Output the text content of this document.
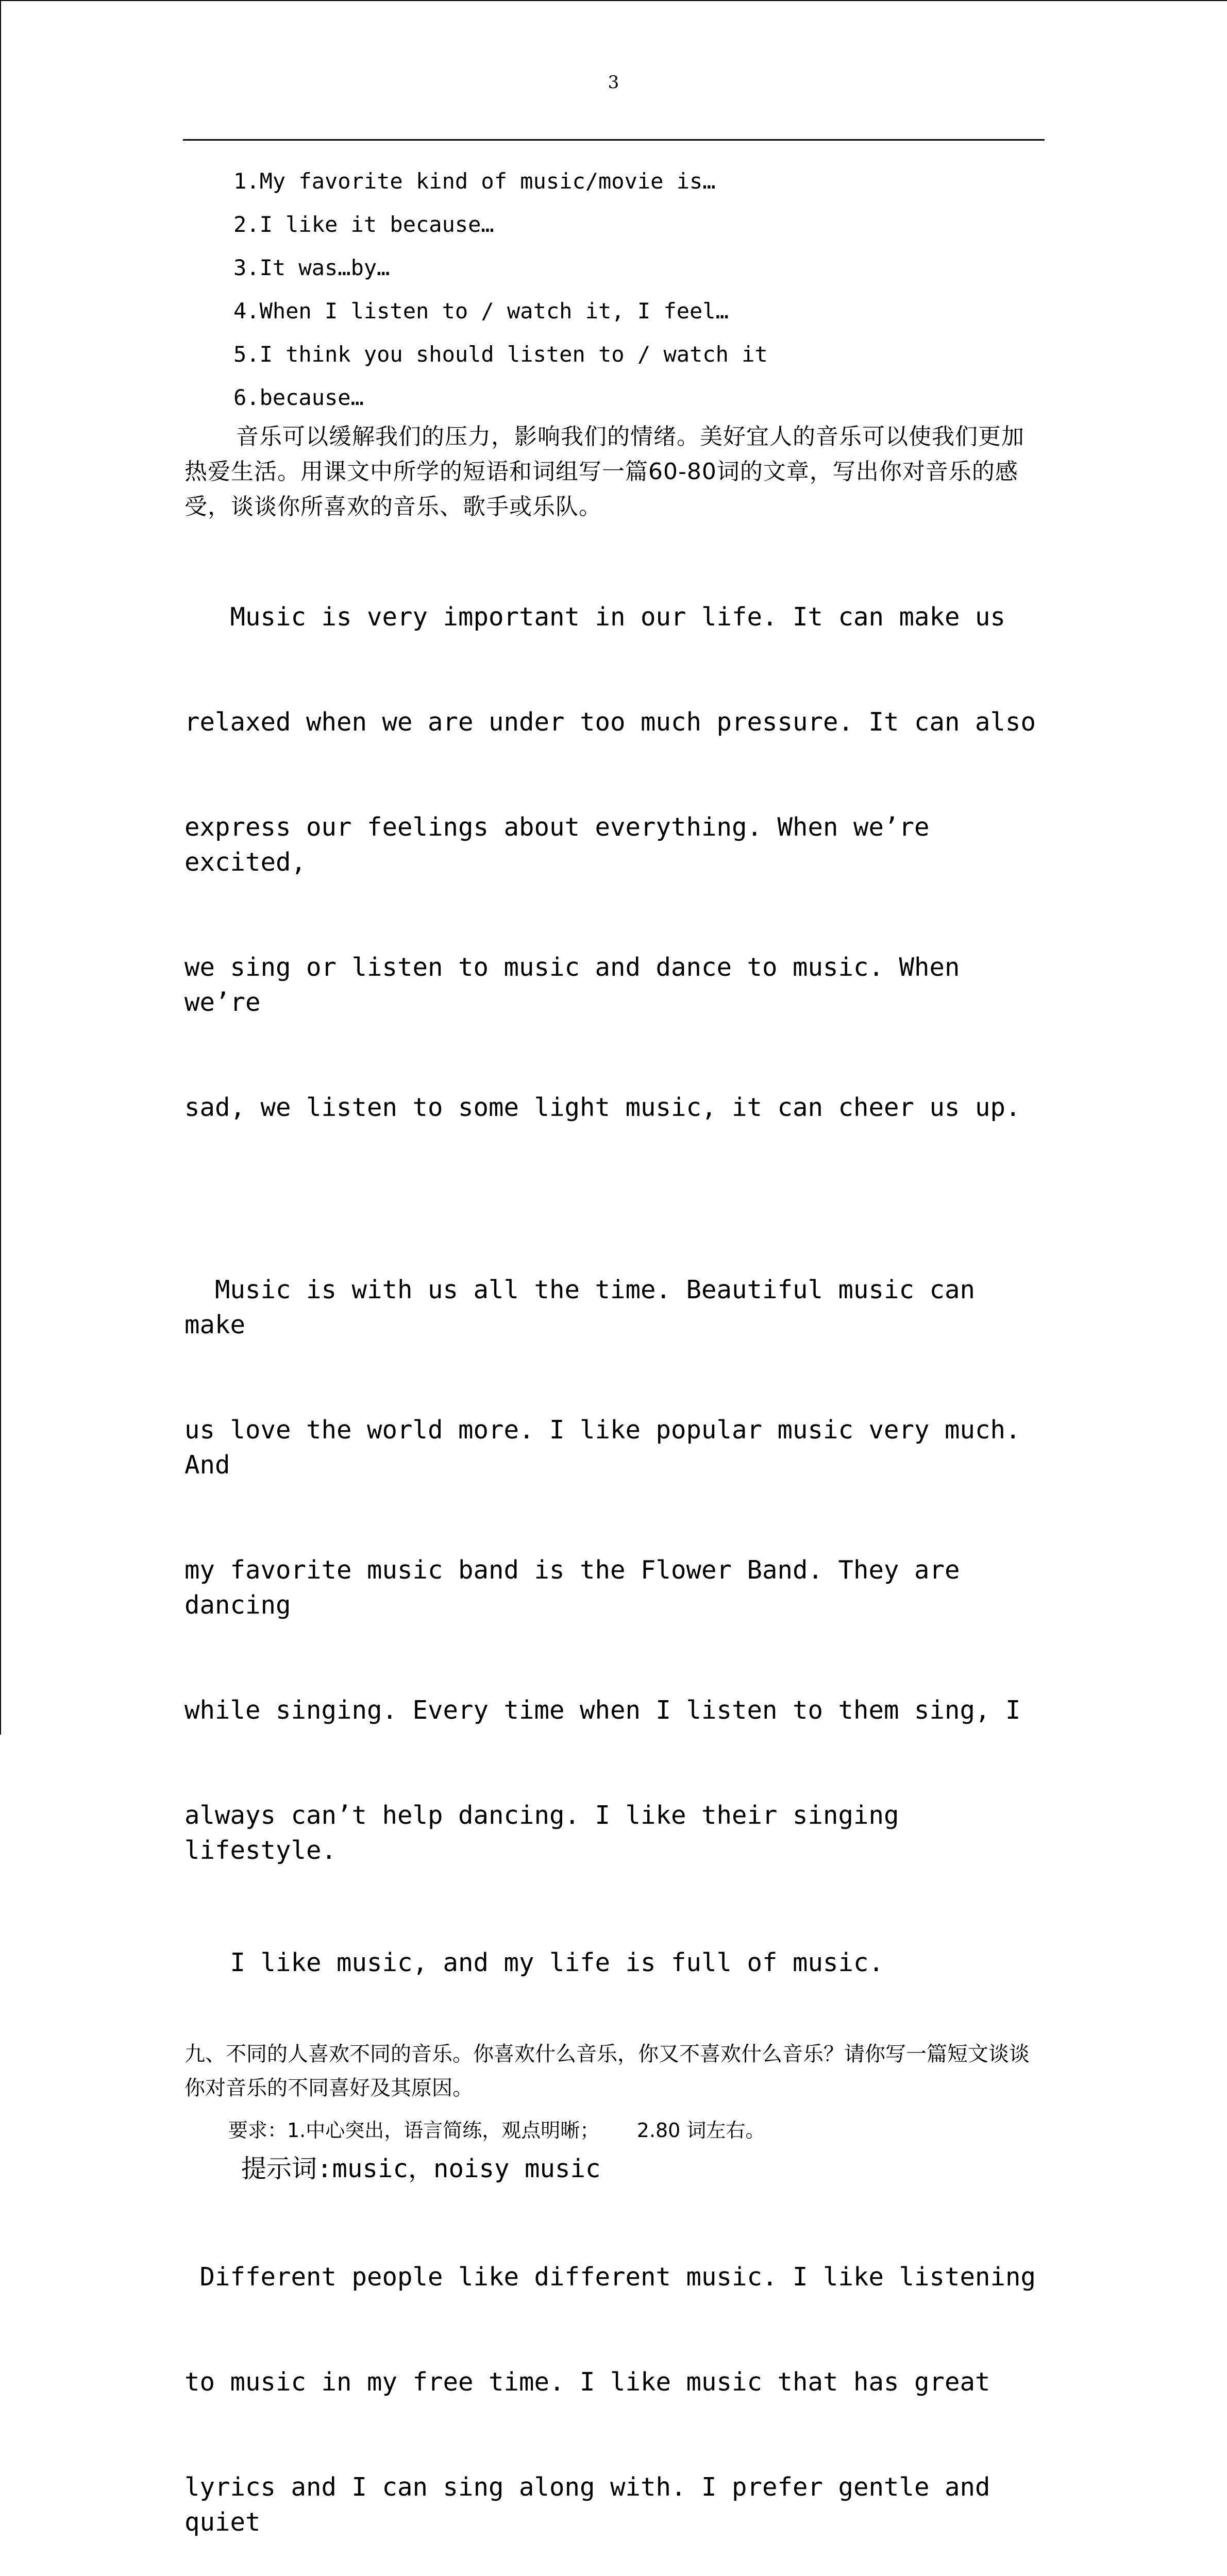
3
1.My favorite kind of music/movie is…
2.I like it because…
3.It was…by…
4.When I listen to / watch it, I feel…
5.I think you should listen to / watch it
6.because…
音乐可以缓解我们的压力，影响我们的情绪。美好宜人的音乐可以使我们更加热爱生活。用课文中所学的短语和词组写一篇60-80词的文章，写出你对音乐的感受，谈谈你所喜欢的音乐、歌手或乐队。

Music is very important in our life. It can make us

relaxed when we are under too much pressure. It can also

express our feelings about everything. When we’re excited,

we sing or listen to music and dance to music. When we’re

sad, we listen to some light music, it can cheer us up.

Music is with us all the time. Beautiful music can make

us love the world more. I like popular music very much. And

my favorite music band is the Flower Band. They are dancing

while singing. Every time when I listen to them sing, I

always can’t help dancing. I like their singing lifestyle.

I like music, and my life is full of music.
九、不同的人喜欢不同的音乐。你喜欢什么音乐，你又不喜欢什么音乐？请你写一篇短文谈谈你对音乐的不同喜好及其原因。
要求：1.中心突出，语言简练，观点明晰；      2.80 词左右。
提示词:music，noisy music

Different people like different music. I like listening

to music in my free time. I like music that has great

lyrics and I can sing along with. I prefer gentle and quiet
